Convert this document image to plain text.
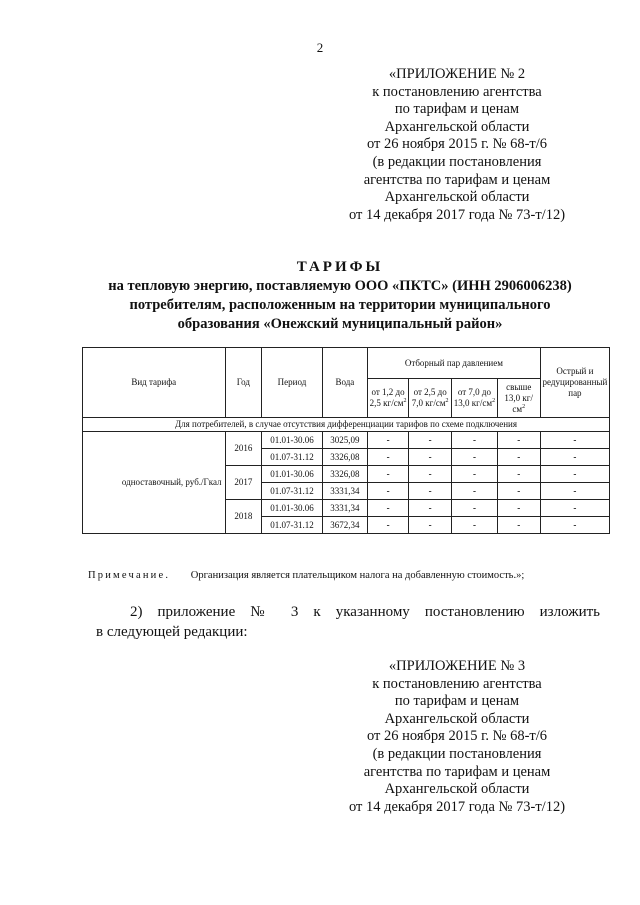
2
«ПРИЛОЖЕНИЕ № 2
к постановлению агентства
по тарифам и ценам
Архангельской области
от 26 ноября 2015 г. № 68-т/6
(в редакции постановления
агентства по тарифам и ценам
Архангельской области
от 14 декабря 2017 года № 73-т/12)
ТАРИФЫ
на тепловую энергию, поставляемую ООО «ПКТС» (ИНН 2906006238)
потребителям, расположенным на территории муниципального
образования «Онежский муниципальный район»
Вид тарифа	Год	Период	Вода	Отборный пар давлением				Острый и редуцированный пар
				от 1,2 до 2,5 $кг/см^2$	от 2,5 до 7,0 $кг/см^2$	от 7,0 до 13,0 $кг/см^2$	свыше 13,0 $кг/см^2$
Для потребителей, в случае отсутствия дифференциации тарифов по схеме подключения								
одноставочный, руб./Гкал	2016	01.01-30.06	3025,09	-	-	-	-	-
		01.07-31.12	3326,08	-	-	-	-	-
	2017	01.01-30.06	3326,08	-	-	-	-	-
		01.07-31.12	3331,34	-	-	-	-	-
	2018	01.01-30.06	3331,34	-	-	-	-	-
		01.07-31.12	3672,34	-	-	-	-	-
Примечание. Организация является плательщиком налога на добавленную стоимость.»;
2) приложение № 3 к указанному постановлению изложить
в следующей редакции:
«ПРИЛОЖЕНИЕ № 3
к постановлению агентства
по тарифам и ценам
Архангельской области
от 26 ноября 2015 г. № 68-т/6
(в редакции постановления
агентства по тарифам и ценам
Архангельской области
от 14 декабря 2017 года № 73-т/12)
